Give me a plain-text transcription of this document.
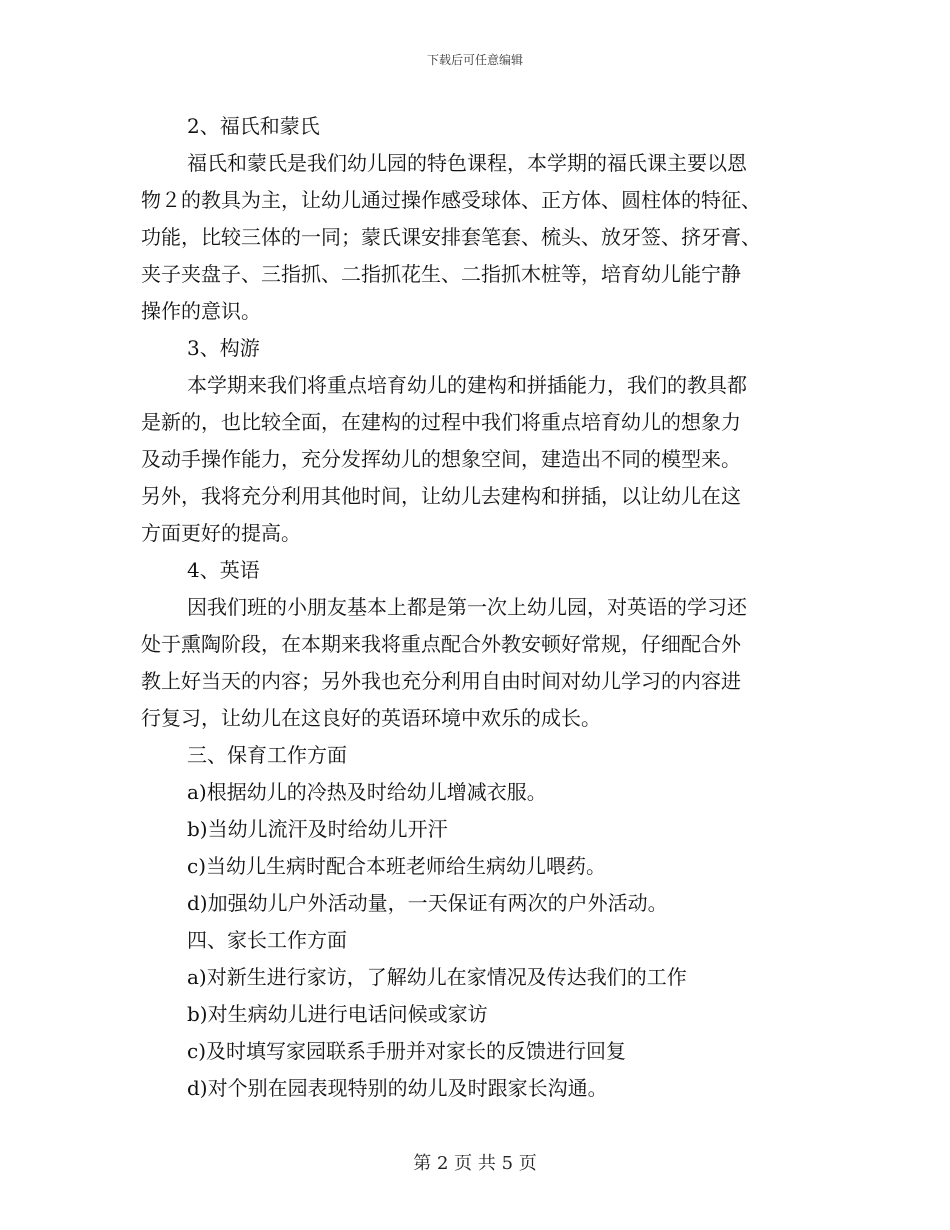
下载后可任意编辑
2、福氏和蒙氏
福氏和蒙氏是我们幼儿园的特色课程，本学期的福氏课主要以恩
物２的教具为主，让幼儿通过操作感受球体、正方体、圆柱体的特征、
功能，比较三体的一同；蒙氏课安排套笔套、梳头、放牙签、挤牙膏、
夹子夹盘子、三指抓、二指抓花生、二指抓木桩等，培育幼儿能宁静
操作的意识。
3、构游
本学期来我们将重点培育幼儿的建构和拼插能力，我们的教具都
是新的，也比较全面，在建构的过程中我们将重点培育幼儿的想象力
及动手操作能力，充分发挥幼儿的想象空间，建造出不同的模型来。
另外，我将充分利用其他时间，让幼儿去建构和拼插，以让幼儿在这
方面更好的提高。
4、英语
因我们班的小朋友基本上都是第一次上幼儿园，对英语的学习还
处于熏陶阶段，在本期来我将重点配合外教安顿好常规，仔细配合外
教上好当天的内容；另外我也充分利用自由时间对幼儿学习的内容进
行复习，让幼儿在这良好的英语环境中欢乐的成长。
三、保育工作方面
a)根据幼儿的冷热及时给幼儿增减衣服。
b)当幼儿流汗及时给幼儿开汗
c)当幼儿生病时配合本班老师给生病幼儿喂药。
d)加强幼儿户外活动量，一天保证有两次的户外活动。
四、家长工作方面
a)对新生进行家访，了解幼儿在家情况及传达我们的工作
b)对生病幼儿进行电话问候或家访
c)及时填写家园联系手册并对家长的反馈进行回复
d)对个别在园表现特别的幼儿及时跟家长沟通。
第 2 页 共 5 页
